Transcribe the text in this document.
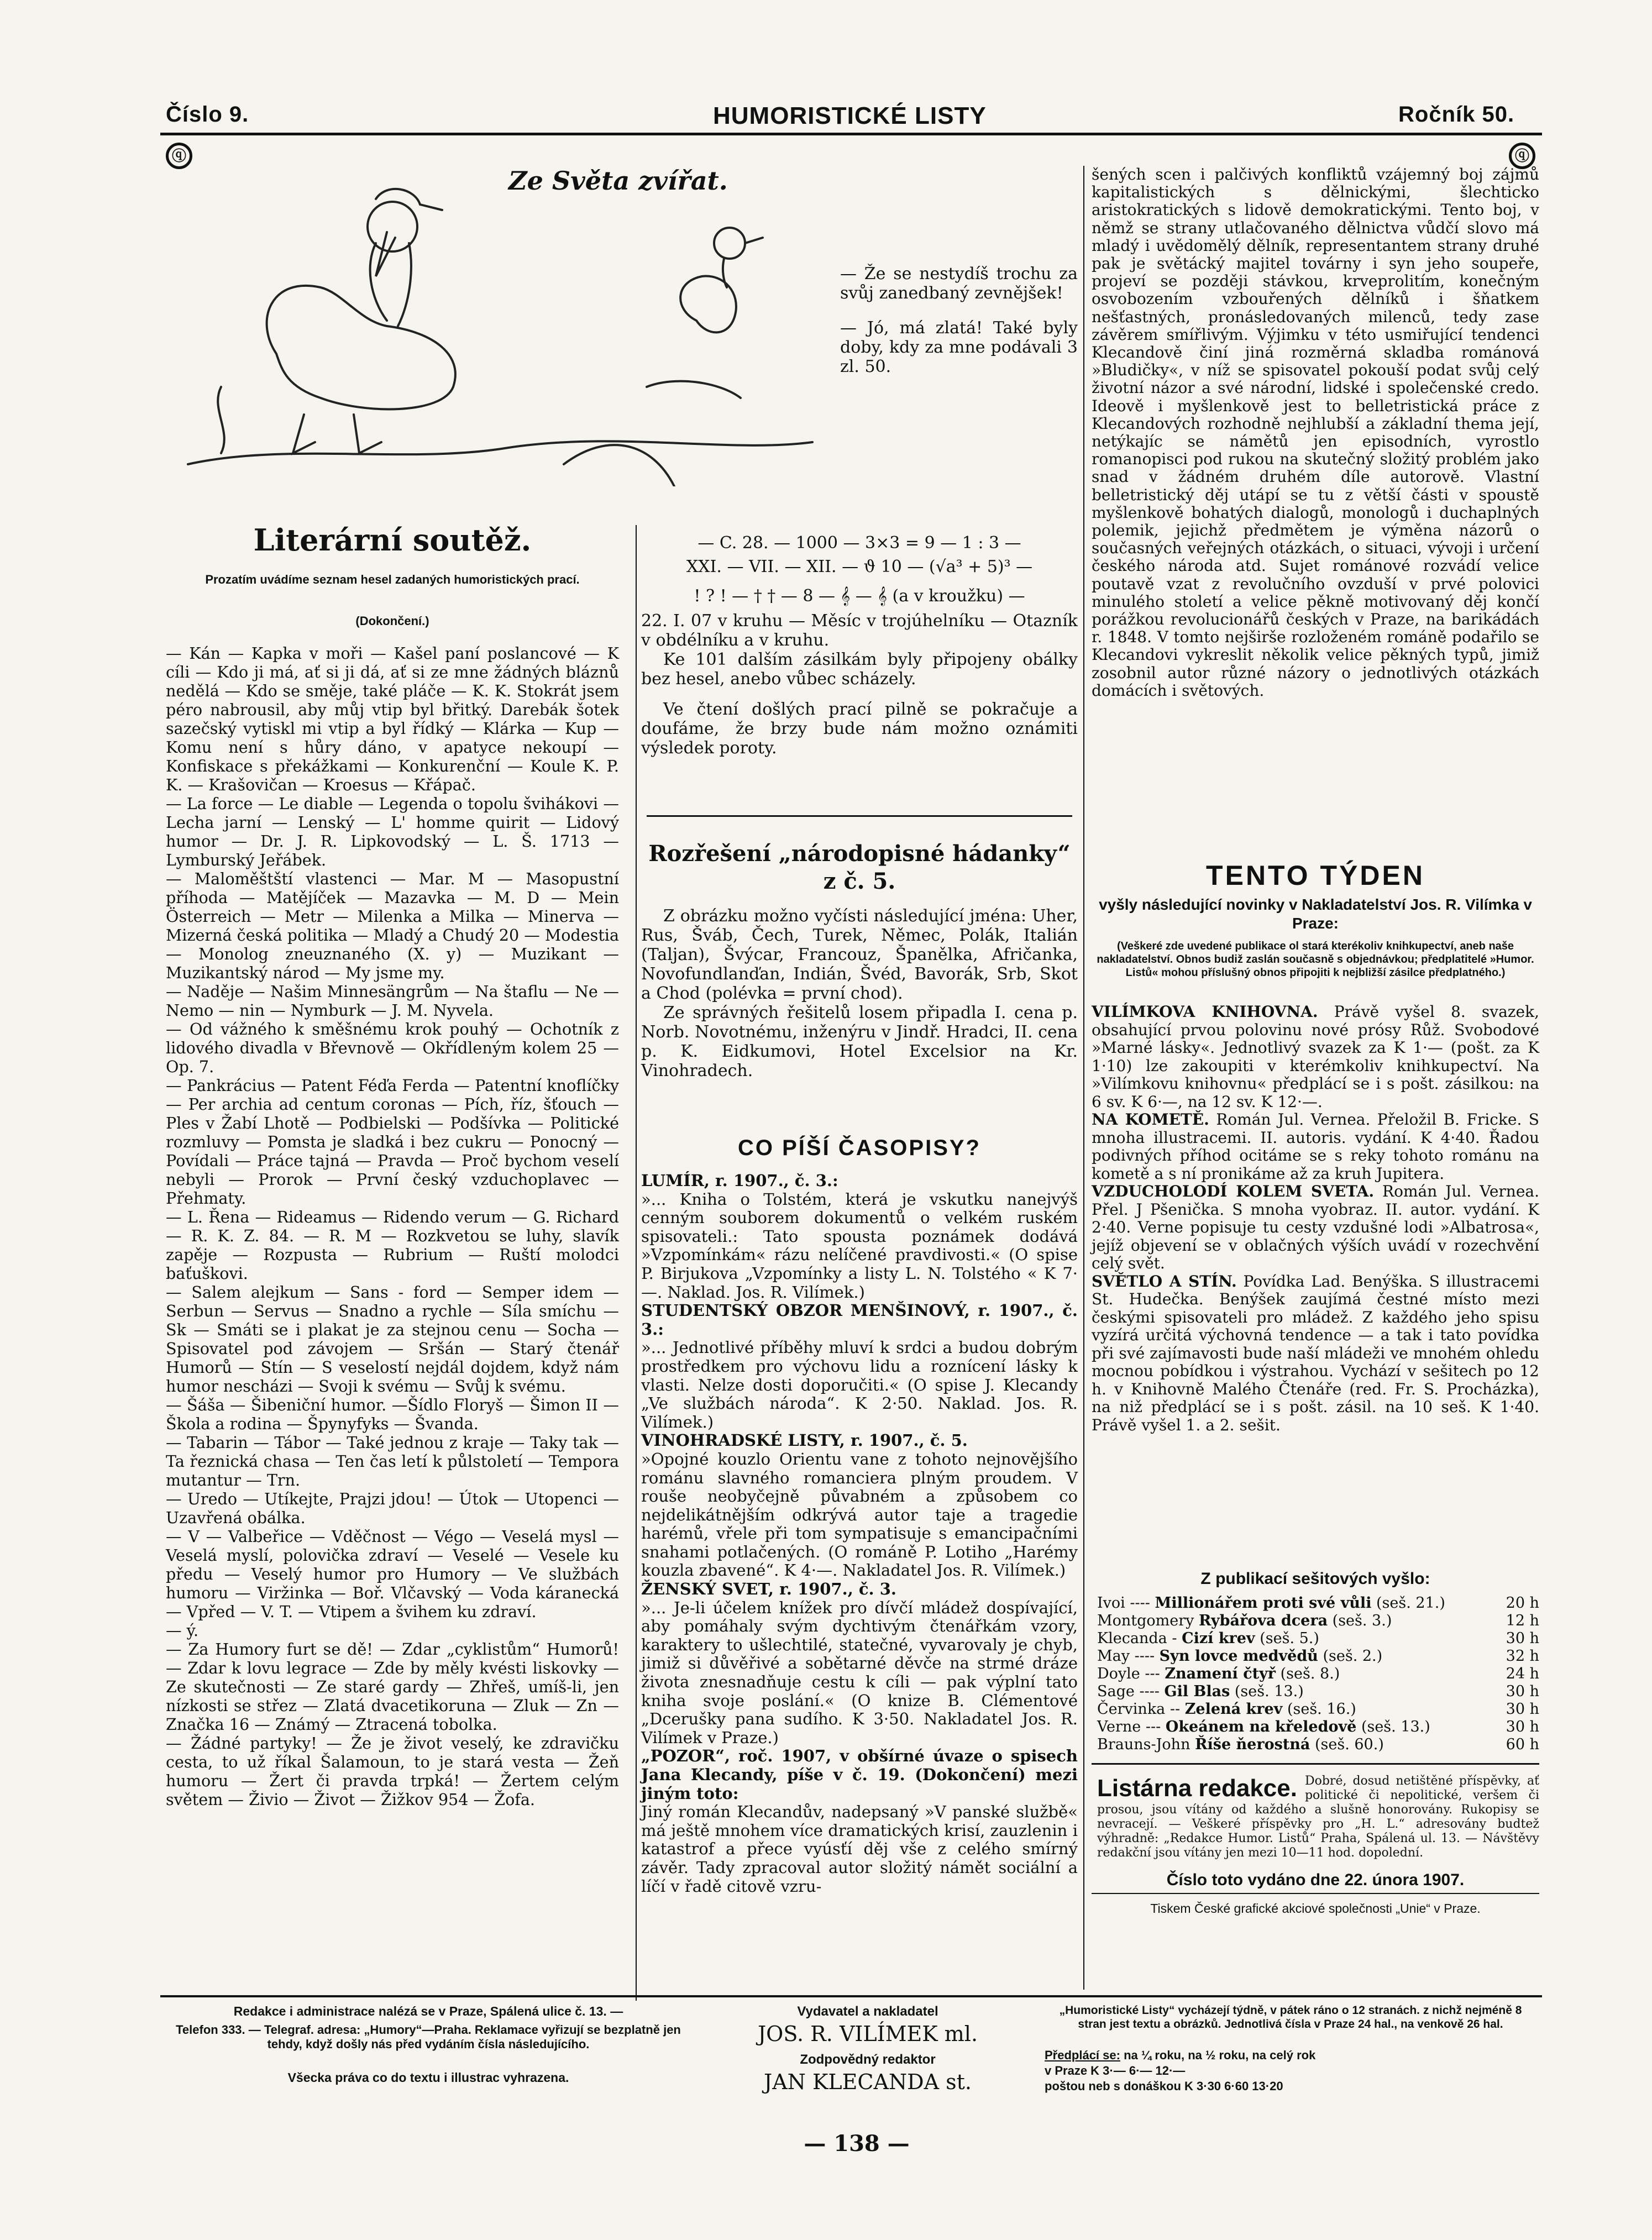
Číslo 9.	HUMORISTICKÉ LISTY	Ročník 50.
ⓠ	ⓠ
Ze Světa zvířat.

— Že se nestydíš trochu za svůj zanedbaný zevnějšek!

— Jó, má zlatá! Také byly doby, kdy za mne podávali 3 zl. 50.

Literární soutěž.
Prozatím uvádíme seznam hesel zadaných humoristických prací.
(Dokončení.)

— Kán — Kapka v moři — Kašel paní poslancové — K cíli — Kdo ji má, ať si ji dá, ať si ze mne žádných bláznů nedělá — Kdo se směje, také pláče — K. K. Stokrát jsem péro nabrousil, aby můj vtip byl břitký. Darebák šotek sazečský vytiskl mi vtip a byl řídký — Klárka — Kup — Komu není s hůry dáno, v apatyce nekoupí — Konfiskace s překážkami — Konkurenční — Koule K. P. K. — Krašovičan — Kroesus — Křápač.

— La force — Le diable — Legenda o topolu švihákovi — Lecha jarní — Lenský — L' homme quirit — Lidový humor — Dr. J. R. Lipkovodský — L. Š. 1713 — Lymburský Jeřábek.

— Maloměštští vlastenci — Mar. M — Masopustní příhoda — Matějíček — Mazavka — M. D — Mein Österreich — Metr — Milenka a Milka — Minerva — Mizerná česká politika — Mladý a Chudý 20 — Modestia — Monolog zneuznaného (X. y) — Muzikant — Muzikantský národ — My jsme my.

— Naděje — Našim Minnesängrům — Na štaflu — Ne — Nemo — nin — Nymburk — J. M. Nyvela.

— Od vážného k směšnému krok pouhý — Ochotník z lidového divadla v Břevnově — Okřídleným kolem 25 — Op. 7.

— Pankrácius — Patent Féďa Ferda — Patentní knoflíčky — Per archia ad centum coronas — Pích, říz, šťouch — Ples v Žabí Lhotě — Podbielski — Podšívka — Politické rozmluvy — Pomsta je sladká i bez cukru — Ponocný — Povídali — Práce tajná — Pravda — Proč bychom veselí nebyli — Prorok — První český vzduchoplavec — Přehmaty.

— L. Řena — Rideamus — Ridendo verum — G. Richard — R. K. Z. 84. — R. M — Rozkvetou se luhy, slavík zapěje — Rozpusta — Rubrium — Ruští molodci baťuškovi.

— Salem alejkum — Sans - ford — Semper idem — Serbun — Servus — Snadno a rychle — Síla smíchu — Sk — Smáti se i plakat je za stejnou cenu — Socha — Spisovatel pod závojem — Sršán — Starý čtenář Humorů — Stín — S veselostí nejdál dojdem, když nám humor nescházi — Svoji k svému — Svůj k svému.

— Šáša — Šibeniční humor. —Šídlo Floryš — Šimon II — Škola a rodina — Špynyfyks — Švanda.

— Tabarin — Tábor — Také jednou z kraje — Taky tak — Ta řeznická chasa — Ten čas letí k půlstoletí — Tempora mutantur — Trn.

— Uredo — Utíkejte, Prajzi jdou! — Útok — Utopenci — Uzavřená obálka.

— V — Valbeřice — Vděčnost — Végo — Veselá mysl — Veselá myslí, polovička zdraví — Veselé — Vesele ku předu — Veselý humor pro Humory — Ve službách humoru — Viržinka — Boř. Vlčavský — Voda káranecká — Vpřed — V. T. — Vtipem a švihem ku zdraví.

— ý.

— Za Humory furt se dě! — Zdar „cyklistům“ Humorů! — Zdar k lovu legrace — Zde by měly kvésti liskovky — Ze skutečnosti — Ze staré gardy — Zhřeš, umíš-li, jen nízkosti se střez — Zlatá dvacetikoruna — Zluk — Zn — Značka 16 — Známý — Ztracená tobolka.

— Žádné partyky! — Že je život veselý, ke zdravičku cesta, to už říkal Šalamoun, to je stará vesta — Žeň humoru — Žert či pravda trpká! — Žertem celým světem — Živio — Život — Žižkov 954 — Žofa.

— C. 28. — 1000 — 3×3 = 9 — 1 : 3 —

XXI. — VII. — XII. — ϑ 10 — (√a³ + 5)³ —

! ? ! — † † — 8 — 𝄞 — 𝄞 (a v kroužku) —

22. I. 07 v kruhu — Měsíc v trojúhelníku — Otazník v obdélníku a v kruhu.

Ke 101 dalším zásilkám byly připojeny obálky bez hesel, anebo vůbec scházely.

Ve čtení došlých prací pilně se pokračuje a doufáme, že brzy bude nám možno oznámiti výsledek poroty.

Rozřešení „národopisné hádanky“ z č. 5.

Z obrázku možno vyčísti následující jména: Uher, Rus, Šváb, Čech, Turek, Němec, Polák, Italián (Taljan), Švýcar, Francouz, Španělka, Afričanka, Novofundlanďan, Indián, Švéd, Bavorák, Srb, Skot a Chod (polévka = první chod).

Ze správných řešitelů losem připadla I. cena p. Norb. Novotnému, inženýru v Jindř. Hradci, II. cena p. K. Eidkumovi, Hotel Excelsior na Kr. Vinohradech.

CO PÍŠÍ ČASOPISY?

LUMÍR, r. 1907., č. 3.:

»... Kniha o Tolstém, která je vskutku nanejvýš cenným souborem dokumentů o velkém ruském spisovateli.: Tato spousta poznámek dodává »Vzpomínkám« rázu nelíčené pravdivosti.« (O spise P. Birjukova „Vzpomínky a listy L. N. Tolstého « K 7·—. Naklad. Jos. R. Vilímek.)

STUDENTSKÝ OBZOR MENŠINOVÝ, r. 1907., č. 3.:

»... Jednotlivé příběhy mluví k srdci a budou dobrým prostředkem pro výchovu lidu a roznícení lásky k vlasti. Nelze dosti doporučiti.« (O spise J. Klecandy „Ve službách národa“. K 2·50. Naklad. Jos. R. Vilímek.)

VINOHRADSKÉ LISTY, r. 1907., č. 5.

»Opojné kouzlo Orientu vane z tohoto nejnovějšího románu slavného romanciera plným proudem. V rouše neobyčejně půvabném a způsobem co nejdelikátnějším odkrývá autor taje a tragedie harémů, vřele při tom sympatisuje s emancipačními snahami potlačených. (O románě P. Lotiho „Harémy kouzla zbavené“. K 4·—. Nakladatel Jos. R. Vilímek.)

ŽENSKÝ SVET, r. 1907., č. 3.

»... Je-li účelem knížek pro dívčí mládež dospívající, aby pomáhaly svým dychtivým čtenářkám vzory, karaktery to ušlechtilé, statečné, vyvarovaly je chyb, jimiž si důvěřivé a sobětarné děvče na strmé dráze života znesnadňuje cestu k cíli — pak výplní tato kniha svoje poslání.« (O knize B. Clémentové „Dcerušky pana sudího. K 3·50. Nakladatel Jos. R. Vilímek v Praze.)

„POZOR“, roč. 1907, v obšírné úvaze o spisech Jana Klecandy, píše v č. 19. (Dokončení) mezi jiným toto:

Jiný román Klecandův, nadepsaný »V panské službě« má ještě mnohem více dramatických krisí, zauzlenin i katastrof a přece vyúsťí děj vše z celého smírný závěr. Tady zpracoval autor složitý námět sociální a líčí v řadě citově vzru-

šených scen i palčivých konfliktů vzájemný boj zájmů kapitalistických s dělnickými, šlechticko aristokratických s lidově demokratickými. Tento boj, v němž se strany utlačovaného dělnictva vůdčí slovo má mladý i uvědomělý dělník, representantem strany druhé pak je světácký majitel továrny i syn jeho soupeře, projeví se později stávkou, krveprolitím, konečným osvobozením vzbouřených dělníků i šňatkem nešťastných, pronásledovaných milenců, tedy zase závěrem smířlivým. Výjimku v této usmiřující tendenci Klecandově činí jiná rozměrná skladba románová »Bludičky«, v níž se spisovatel pokouší podat svůj celý životní názor a své národní, lidské i společenské credo. Ideově i myšlenkově jest to belletristická práce z Klecandových rozhodně nejhlubší a základní thema její, netýkajíc se námětů jen episodních, vyrostlo romanopisci pod rukou na skutečný složitý problém jako snad v žádném druhém díle autorově. Vlastní belletristický děj utápí se tu z větší části v spoustě myšlenkově bohatých dialogů, monologů i duchaplných polemik, jejichž předmětem je výměna názorů o současných veřejných otázkách, o situaci, vývoji i určení českého národa atd. Sujet románové rozvádí velice poutavě vzat z revolučního ovzduší v prvé polovici minulého století a velice pěkně motivovaný děj končí porážkou revolucionářů českých v Praze, na barikádách r. 1848. V tomto nejširše rozloženém románě podařilo se Klecandovi vykreslit několik velice pěkných typů, jimiž zosobnil autor různé názory o jednotlivých otázkách domácích i světových.

TENTO TÝDEN
vyšly následující novinky v Nakladatelství Jos. R. Vilímka v Praze:
(Veškeré zde uvedené publikace ol stará kterékoliv knihkupectví, aneb naše nakladatelství. Obnos budiž zaslán současně s objednávkou; předplatitelé »Humor. Listů« mohou příslušný obnos připojiti k nejbližší zásilce předplatného.)

VILÍMKOVA KNIHOVNA. Právě vyšel 8. svazek, obsahující prvou polovinu nové prósy Růž. Svobodové »Marné lásky«. Jednotlivý svazek za K 1·— (pošt. za K 1·10) lze zakoupiti v kterémkoliv knihkupectví. Na »Vilímkovu knihovnu« předplácí se i s pošt. zásilkou: na 6 sv. K 6·—, na 12 sv. K 12·—.

NA KOMETĚ. Román Jul. Vernea. Přeložil B. Fricke. S mnoha illustracemi. II. autoris. vydání. K 4·40. Řadou podivných příhod ocitáme se s reky tohoto románu na kometě a s ní pronikáme až za kruh Jupitera.

VZDUCHOLODÍ KOLEM SVETA. Román Jul. Vernea. Přel. J Pšenička. S mnoha vyobraz. II. autor. vydání. K 2·40. Verne popisuje tu cesty vzdušné lodi »Albatrosa«, jejíž objevení se v oblačných výších uvádí v rozechvění celý svět.

SVĚTLO A STÍN. Povídka Lad. Benýška. S illustracemi St. Hudečka. Benýšek zaujímá čestné místo mezi českými spisovateli pro mládež. Z každého jeho spisu vyzírá určitá výchovná tendence — a tak i tato povídka při své zajímavosti bude naší mládeži ve mnohém ohledu mocnou pobídkou i výstrahou. Vychází v sešitech po 12 h. v Knihovně Malého Čtenáře (red. Fr. S. Procházka), na niž předplácí se i s pošt. zásil. na 10 seš. K 1·40. Právě vyšel 1. a 2. sešit.

Z publikací sešitových vyšlo:
Ivoi ---- Millionářem proti své vůli (seš. 21.)	20 h
Montgomery Rybářova dcera (seš. 3.)	12 h
Klecanda - Cizí krev (seš. 5.)	30 h
May ---- Syn lovce medvědů (seš. 2.)	32 h
Doyle --- Znamení čtyř (seš. 8.)	24 h
Sage ---- Gil Blas (seš. 13.)	30 h
Červinka -- Zelená krev (seš. 16.)	30 h
Verne --- Okeánem na křeledově (seš. 13.)	30 h
Brauns-John Říše ňerostná (seš. 60.)	60 h
Listárna redakce. Dobré, dosud netištěné příspěvky, ať politické či nepolitické, veršem či prosou, jsou vítány od každého a slušně honorovány. Rukopisy se nevracejí. — Veškeré příspěvky pro „H. L.“ adresovány budtež výhradně: „Redakce Humor. Listů“ Praha, Spálená ul. 13. — Návštěvy redakční jsou vítány jen mezi 10—11 hod. dopolední.
Číslo toto vydáno dne 22. února 1907.
Tiskem České grafické akciové společnosti „Unie“ v Praze.
Redakce i administrace nalézá se v Praze, Spálená ulice č. 13. —
Telefon 333. — Telegraf. adresa: „Humory“—Praha. Reklamace vyřizují se bezplatně jen tehdy, když došly nás před vydáním čísla následujícího.
Všecka práva co do textu i illustrac vyhrazena.
Vydavatel a nakladatel
JOS. R. VILÍMEK ml.
Zodpovědný redaktor
JAN KLECANDA st.
„Humoristické Listy“ vycházejí týdně, v pátek ráno o 12 stranách. z nichž nejméně 8 stran jest textu a obrázků. Jednotlivá čísla v Praze 24 hal., na venkově 26 hal.
Předplácí se: na ¼ roku, na ½ roku, na celý rok
v Praze K 3·— 6·— 12·—
poštou neb s donáškou K 3·30 6·60 13·20
— 138 —
